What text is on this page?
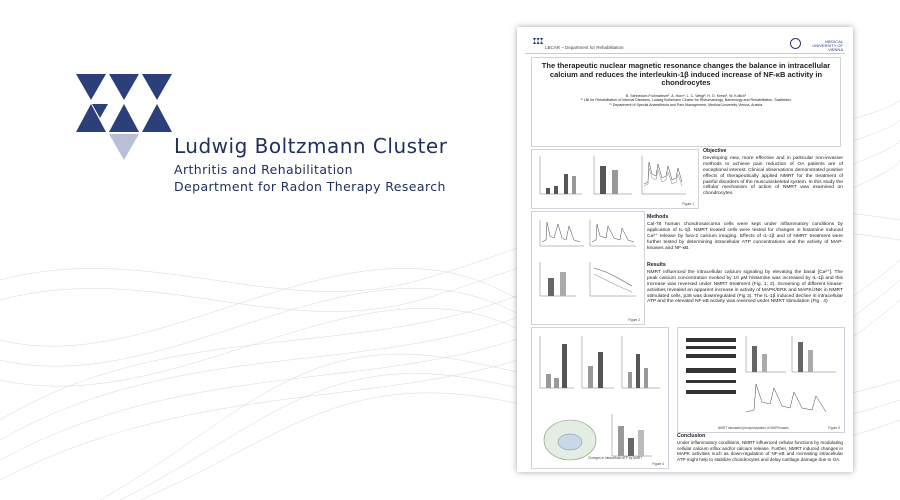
Ludwig Boltzmann Cluster
Arthritis and Rehabilitation
Department for Radon Therapy Research
LBCAR – Department for Rehabilitation
MEDICAL UNIVERSITY OF VIENNA
The therapeutic nuclear magnetic resonance changes the balance in intracellular calcium and reduces the interleukin-1β induced increase of NF-κB activity in chondrocytes
B. Steinecker-Frohnwieser¹, A. Horn¹, L. C. Weigl², H. G. Kress², W. Kullich¹
¹⁾ LBI for Rehabilitation of Internal Diseases, Ludwig Boltzmann Cluster for Rheumatology, Balneology and Rehabilitation, Saalfelden
²⁾ Department of Special Anaesthesia and Pain Management, Medical University Vienna, Austria
Figure 1
Objective
Developing new, more effective and in particular non-invasive methods to achieve pain reduction of OA patients are of exceptional interest. Clinical observations demonstrated positive effects of therapeutically applied NMRT for the treatment of painful disorders of the musculoskeletal system. In this study the cellular mechanism of action of NMRT was examined on chondrocytes.
Methods
Cal-78 human chondrosarcoma cells were kept under inflammatory conditions by application of IL-1β. NMRT treated cells were tested for changes in histamine induced Ca²⁺ release by fura-2 calcium imaging. Effects of IL-1β and of NMRT treatment were further tested by determining intracellular ATP concentrations and the activity of MAP-kinases and NF-κB.
Figure 2
Results
NMRT influenced the intracellular calcium signaling by elevating the basal [Ca²⁺]. The peak calcium concentration evoked by 10 µM histamine was increased by IL-1β and this increase was reversed under NMRT treatment (Fig. 1; 2). Screening of different kinase-activities revealed an apparent increase in activity of MAPK/ERK and MAPK/JNK in NMRT stimulated cells, p38 was downregulated (Fig 3). The IL-1β induced decline in intracellular ATP and the elevated NF-κB activity was reversed under NMRT stimulation (Fig . 4)
Changes in intracellular ATP by NMRT
Figure 4
NMRT stimulated phosphorylation of MAPKinases	Figure 5
Conclusion
Under inflammatory conditions, NMRT influenced cellular functions by modulating cellular calcium influx and/or calcium release. Further, NMRT induced changes in MAPK activities such as down-regulation of NF-κB and increasing intracellular ATP might help to stabilize chondrocytes and delay cartilage damage due to OA.
